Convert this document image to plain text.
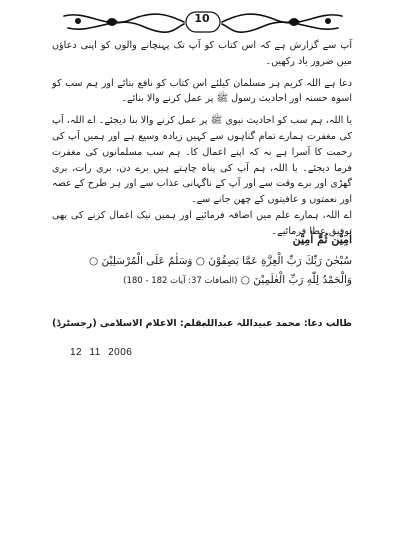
10

آپ سے گزارش ہے کہ اس کتاب کو آپ تک پہنچانے والوں کو اپنی دعاؤں میں ضرور یاد رکھیں۔

دعا ہے اللہ کریم ہر مسلمان کیلئے اس کتاب کو نافع بنائے اور ہم سب کو اسوہ حسنہ اور احادیث رسول ﷺ پر عمل کرنے والا بنائے۔

یا اللہ، ہم سب کو احادیث نبوی ﷺ پر عمل کرنے والا بنا دیجئے۔ اے اللہ، آپ کی مغفرت ہمارے تمام گناہوں سے کہیں زیادہ وسیع ہے اور ہمیں آپ کی رحمت کا آسرا ہے نہ کہ اپنے اعمال کا۔ ہم سب مسلمانوں کی مغفرت فرما دیجئے۔ یا اللہ، ہم آپ کی پناہ چاہتے ہیں برے دن، بری رات، بری گھڑی اور برے وقت سے اور آپ کے ناگہانی عذاب سے اور ہر طرح کے غصہ اور نعمتوں و عافیتوں کے چھن جانے سے۔

اے اللہ، ہمارے علم میں اضافہ فرمائیے اور ہمیں نیک اعمال کرنے کی بھی توفیق عطا فرمائیے۔

اٰمِیْن ثُمَّ اٰمِیْن
سُبْحٰنَ رَبِّكَ رَبِّ الْعِزَّةِ عَمَّا يَصِفُوْنَ ○ وَسَلٰمٌ عَلَى الْمُرْسَلِيْنَ ○
وَالْحَمْدُ لِلّٰهِ رَبِّ الْعٰلَمِيْنَ ○ (الصافات 37: آیات 182 - 180)
طالب دعا: محمد عبیداللہ عبداللہ
بقلم: الاعلام الاسلامی (رجسٹرڈ)
12 11 2006
